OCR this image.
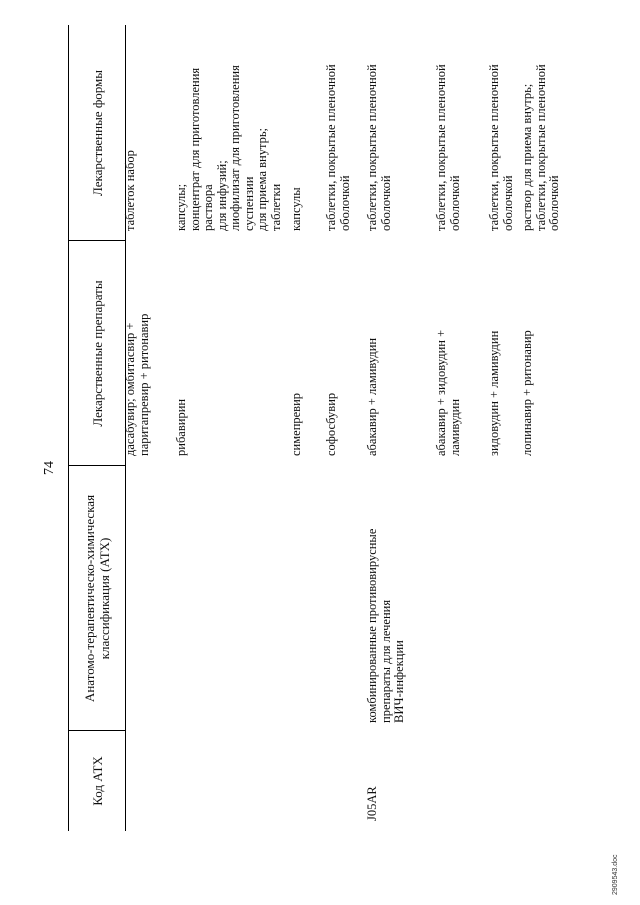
74
Код АТХ
Анатомо-терапевтическо-химическая классификация (АТХ)
Лекарственные препараты
Лекарственные формы
дасабувир; омбитасвир +
паритапревир + ритонавир
таблеток набор
рибавирин
капсулы;
концентрат для приготовления раствора
для инфузий;
лиофилизат для приготовления суспензии
для приема внутрь;
таблетки
симепревир
капсулы
софосбувир
таблетки, покрытые пленочной оболочкой
J05AR
комбинированные противовирусные
препараты для лечения
ВИЧ-инфекции
абакавир + ламивудин
таблетки, покрытые пленочной оболочкой
абакавир + зидовудин +
ламивудин
таблетки, покрытые пленочной оболочкой
зидовудин + ламивудин
таблетки, покрытые пленочной оболочкой
лопинавир + ритонавир
раствор для приема внутрь;
таблетки, покрытые пленочной оболочкой
2909543.doc
